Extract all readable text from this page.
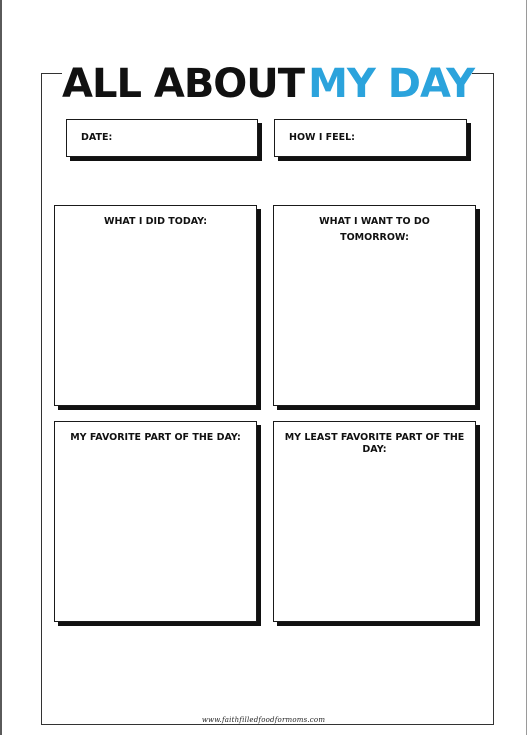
ALL ABOUT MY DAY
DATE:	HOW I FEEL:
WHAT I DID TODAY:	WHAT I WANT TO DO TOMORROW:
MY FAVORITE PART OF THE DAY:	MY LEAST FAVORITE PART OF THE DAY:
www.faithfilledfoodformoms.com
